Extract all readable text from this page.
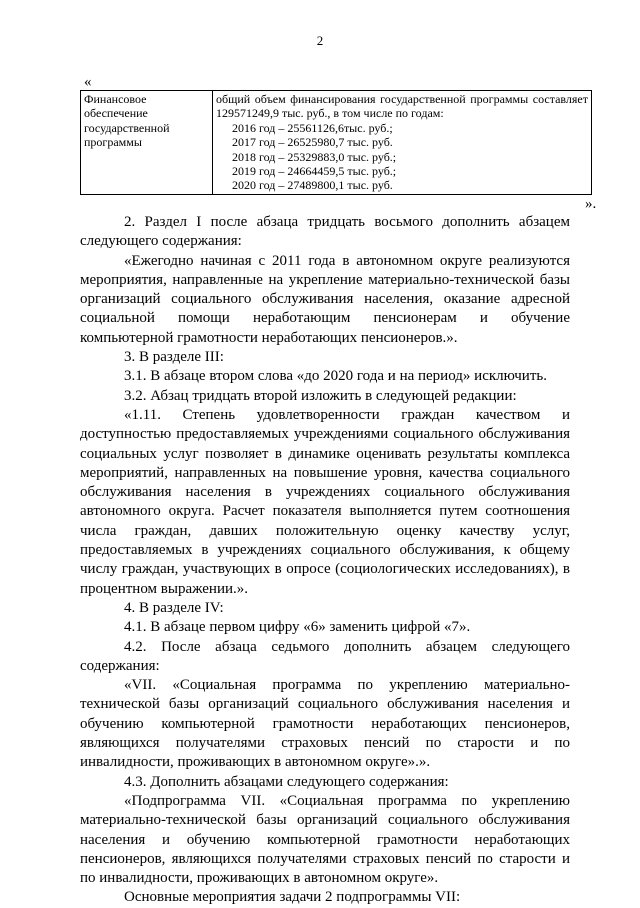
2
«
Финансовое
обеспечение
государственной
программы

общий объем финансирования государственной программы составляет 129571249,9 тыс. руб., в том числе по годам:
2016 год – 25561126,6тыс. руб.;
2017 год – 26525980,7 тыс. руб.
2018 год – 25329883,0 тыс. руб.;
2019 год – 24664459,5 тыс. руб.;
2020 год – 27489800,1 тыс. руб.
».

2. Раздел I после абзаца тридцать восьмого дополнить абзацем следующего содержания:

«Ежегодно начиная с 2011 года в автономном округе реализуются мероприятия, направленные на укрепление материально-технической базы организаций социального обслуживания населения, оказание адресной социальной помощи неработающим пенсионерам и обучение компьютерной грамотности неработающих пенсионеров.».

3. В разделе III:

3.1. В абзаце втором слова «до 2020 года и на период» исключить.

3.2. Абзац тридцать второй изложить в следующей редакции:

«1.11. Степень удовлетворенности граждан качеством и доступностью предоставляемых учреждениями социального обслуживания социальных услуг позволяет в динамике оценивать результаты комплекса мероприятий, направленных на повышение уровня, качества социального обслуживания населения в учреждениях социального обслуживания автономного округа. Расчет показателя выполняется путем соотношения числа граждан, давших положительную оценку качеству услуг, предоставляемых в учреждениях социального обслуживания, к общему числу граждан, участвующих в опросе (социологических исследованиях), в процентном выражении.».

4. В разделе IV:

4.1. В абзаце первом цифру «6» заменить цифрой «7».

4.2. После абзаца седьмого дополнить абзацем следующего содержания:

«VII. «Социальная программа по укреплению материально-технической базы организаций социального обслуживания населения и обучению компьютерной грамотности неработающих пенсионеров, являющихся получателями страховых пенсий по старости и по инвалидности, проживающих в автономном округе».».

4.3. Дополнить абзацами следующего содержания:

«Подпрограмма VII. «Социальная программа по укреплению материально-технической базы организаций социального обслуживания населения и обучению компьютерной грамотности неработающих пенсионеров, являющихся получателями страховых пенсий по старости и по инвалидности, проживающих в автономном округе».

Основные мероприятия задачи 2 подпрограммы VII:
